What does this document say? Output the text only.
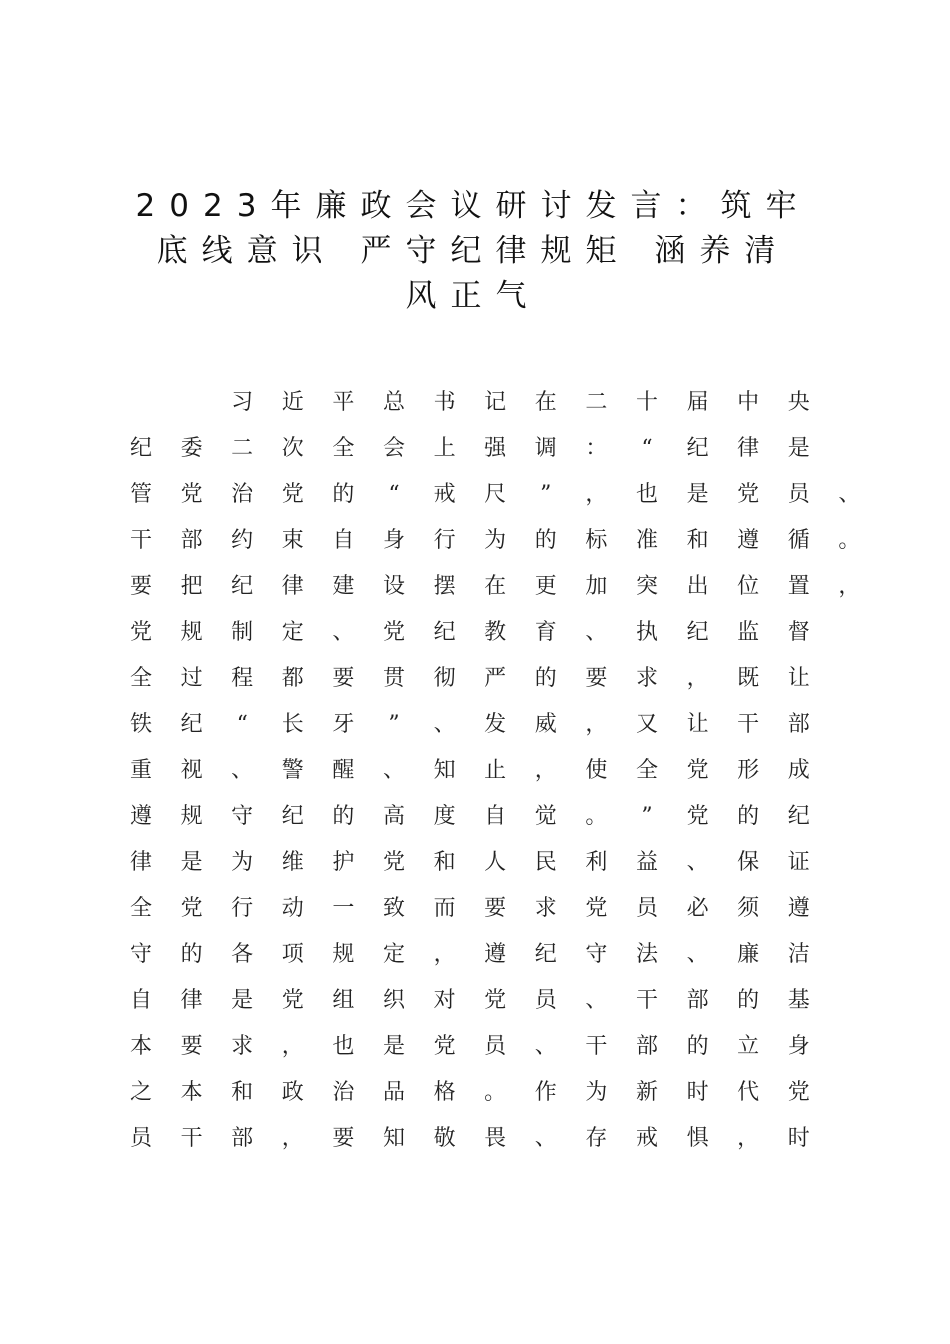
2023年廉政会议研讨发言：筑牢
底线意识 严守纪律规矩 涵养清
风正气
习 近 平 总 书 记 在 二 十 届 中 央
纪 委 二 次 全 会 上 强 调 ：	“	纪 律 是
管 党 治 党 的	“	戒 尺	”	， 也 是 党 员 、
干 部 约 束 自 身 行 为 的 标 准 和 遵 循 。
要 把 纪 律 建 设 摆 在 更 加 突 出 位 置 ，
党 规 制 定 、 党 纪 教 育 、 执 纪 监 督
全 过 程 都 要 贯 彻 严 的 要 求 ， 既 让
铁 纪	“	长 牙	”	、 发 威 ， 又 让 干 部
重 视 、 警 醒 、 知 止 ， 使 全 党 形 成
遵 规 守 纪 的 高 度 自 觉 。	”	党 的 纪
律 是 为 维 护 党 和 人 民 利 益 、 保 证
全 党 行 动 一 致 而 要 求 党 员 必 须 遵
守 的 各 项 规 定 ， 遵 纪 守 法 、 廉 洁
自 律 是 党 组 织 对 党 员 、 干 部 的 基
本 要 求 ， 也 是 党 员 、 干 部 的 立 身
之 本 和 政 治 品 格 。 作 为 新 时 代 党
员 干 部 ， 要 知 敬 畏 、 存 戒 惧 ， 时
